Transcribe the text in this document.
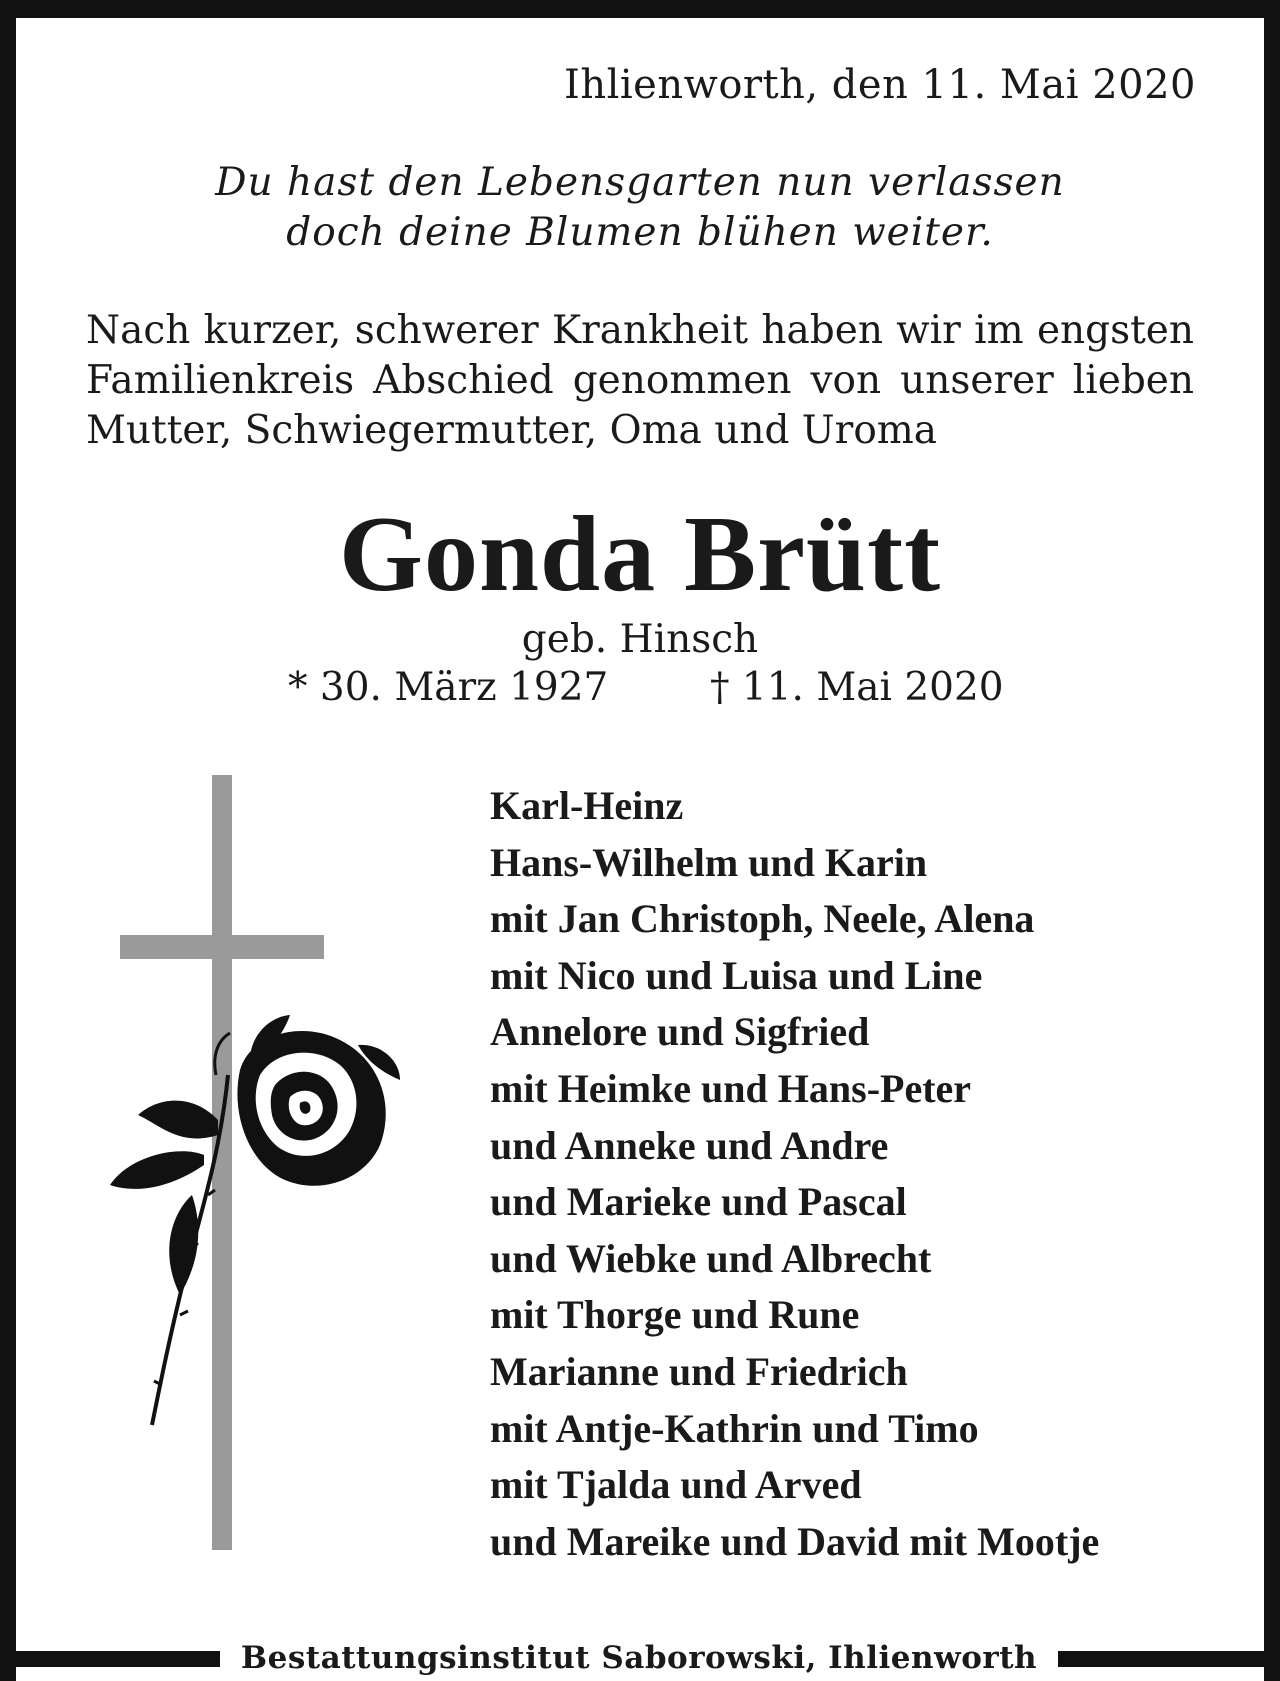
Ihlienworth, den 11. Mai 2020
Du hast den Lebensgarten nun verlassen
doch deine Blumen blühen weiter.
Nach kurzer, schwerer Krankheit haben wir im engsten Familienkreis Abschied genommen von unserer lieben Mutter, Schwiegermutter, Oma und Uroma
Gonda Brütt
geb. Hinsch
* 30. März 1927	† 11. Mai 2020
Karl-Heinz
Hans-Wilhelm und Karin
mit Jan Christoph, Neele, Alena
mit Nico und Luisa und Line
Annelore und Sigfried
mit Heimke und Hans-Peter
und Anneke und Andre
und Marieke und Pascal
und Wiebke und Albrecht
mit Thorge und Rune
Marianne und Friedrich
mit Antje-Kathrin und Timo
mit Tjalda und Arved
und Mareike und David mit Mootje
Bestattungsinstitut Saborowski, Ihlienworth
